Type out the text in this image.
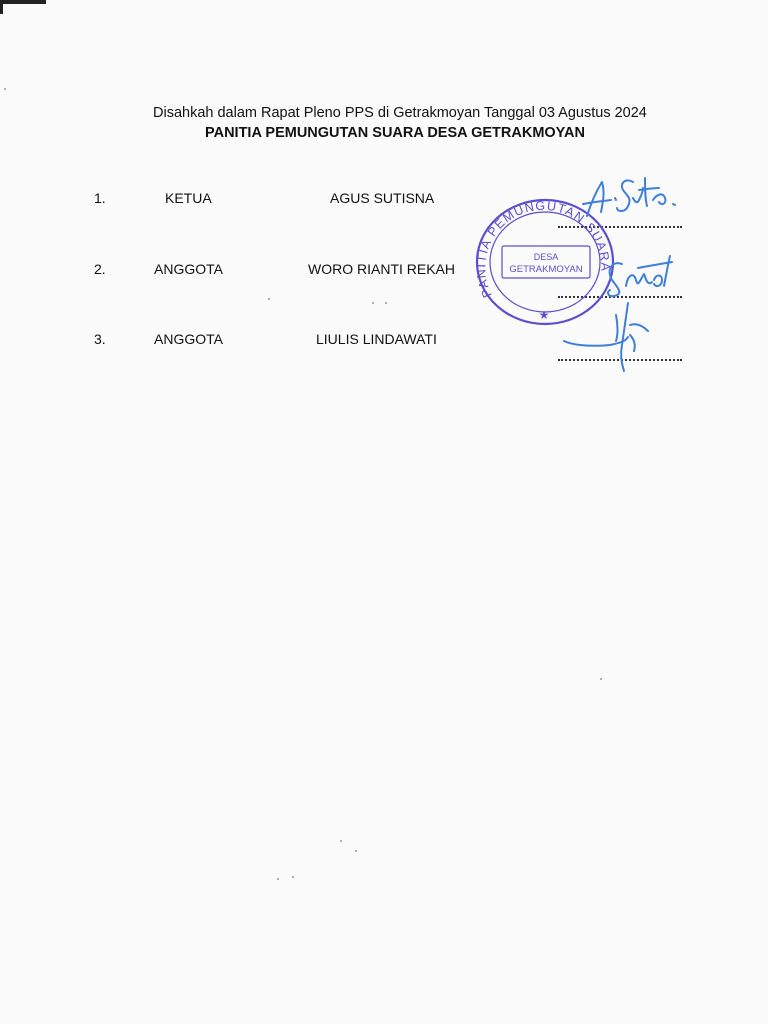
Disahkah dalam Rapat Pleno PPS di Getrakmoyan Tanggal 03 Agustus 2024
PANITIA PEMUNGUTAN SUARA DESA GETRAKMOYAN
1.	KETUA	AGUS SUTISNA
2.	ANGGOTA	WORO RIANTI REKAH
3.	ANGGOTA	LIULIS LINDAWATI
PANITIA PEMUNGUTAN SUARA
DESA
GETRAKMOYAN
★
